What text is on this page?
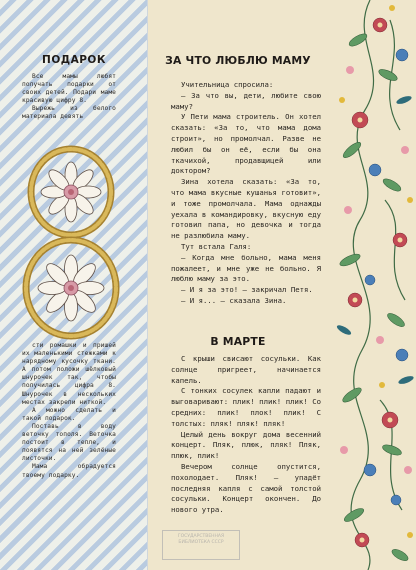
ПОДАРОК

Все мамы любят получать подарки от своих детей. Подари маме красивую цифру 8.

Вырежь из белого материала девять

сти ромашки и пришей их маленькими стежками к нарядному кусочку ткани. А потом положи шёлковый шнурочек так, чтобы получилась цифра 8. Шнурочек в нескольких местах закрепи ниткой.

А можно сделать и такой подарок.

Поставь в воду веточку тополя. Веточка постоит в тепле, и появятся на ней зелёные листочки.

Мама обрадуется твоему подарку.

ЗА ЧТО ЛЮБЛЮ МАМУ

Учительница спросила:

— За что вы, дети, любите свою маму?

У Пети мама строитель. Он хотел сказать: «За то, что мама дома строит», но промолчал. Разве не любил бы он её, если бы она ткачихой, продавщицей или доктором?

Зина хотела сказать: «За то, что мама вкусные кушанья готовит», и тоже промолчала. Мама однажды уехала в командировку, вкусную еду готовил папа, но девочка и тогда не разлюбила маму.

Тут встала Галя:

— Когда мне больно, мама меня пожалеет, и мне уже не больно. Я люблю маму за это.

— И я за это! — закричал Петя.

— И я... — сказала Зина.

В МАРТЕ

С крыши свисают сосульки. Как солнце пригреет, начинается капель.

С тонких сосулек капли падают и выговаривают: плик! плик! плик! Со средних: плик! плок! плик! С толстых: пляк! пляк! пляк!

Целый день вокруг дома весенний концерт. Пляк, плюк, пляк! Пляк, плюк, плик!

Вечером солнце опустится, похолодает. Пляк! — упадёт последняя капля с самой толстой сосульки. Концерт окончен. До нового утра.

ГОСУДАРСТВЕННАЯ БИБЛИОТЕКА СССР
